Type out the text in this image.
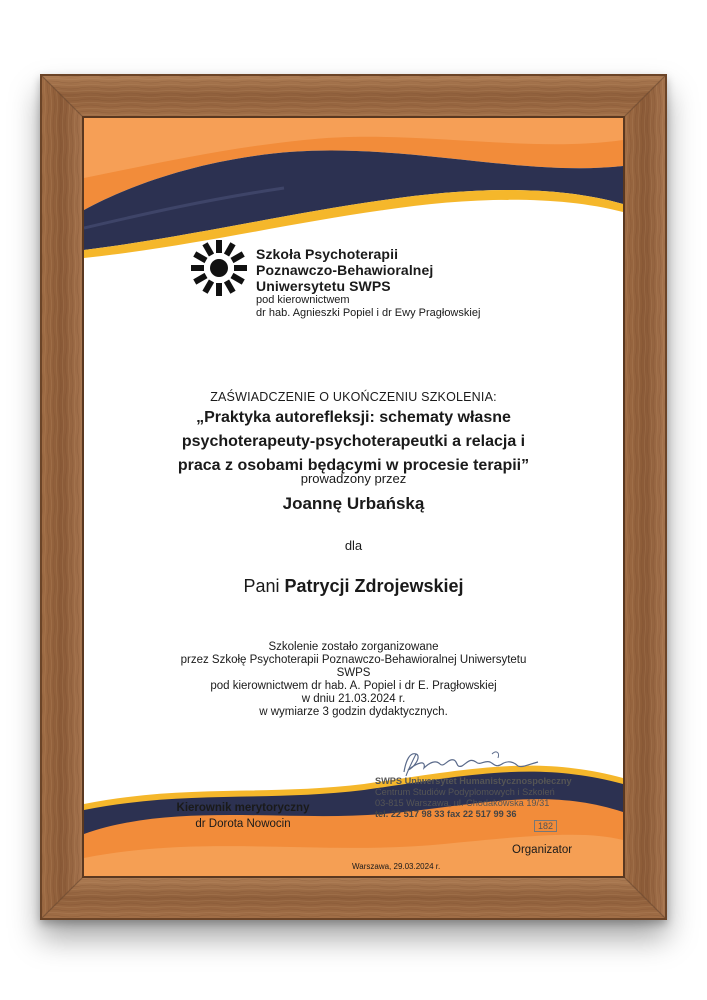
Szkoła Psychoterapii
Poznawczo-Behawioralnej
Uniwersytetu SWPS
pod kierownictwem
dr hab. Agnieszki Popiel i dr Ewy Pragłowskiej
ZAŚWIADCZENIE O UKOŃCZENIU SZKOLENIA:
„Praktyka autorefleksji: schematy własne
psychoterapeuty-psychoterapeutki a relacja i
praca z osobami będącymi w procesie terapii”
prowadzony przez
Joannę Urbańską
dla
Pani Patrycji Zdrojewskiej
Szkolenie zostało zorganizowane
przez Szkołę Psychoterapii Poznawczo-Behawioralnej Uniwersytetu
SWPS
pod kierownictwem dr hab. A. Popiel i dr E. Pragłowskiej
w dniu 21.03.2024 r.
w wymiarze 3 godzin dydaktycznych.
SWPS Uniwersytet Humanistycznospołeczny
Centrum Studiów Podyplomowych i Szkoleń
03-815 Warszawa, ul. Chodakowska 19/31
tel. 22 517 98 33 fax 22 517 99 36
182
Kierownik merytoryczny
dr Dorota Nowocin
Organizator
Warszawa, 29.03.2024 r.
